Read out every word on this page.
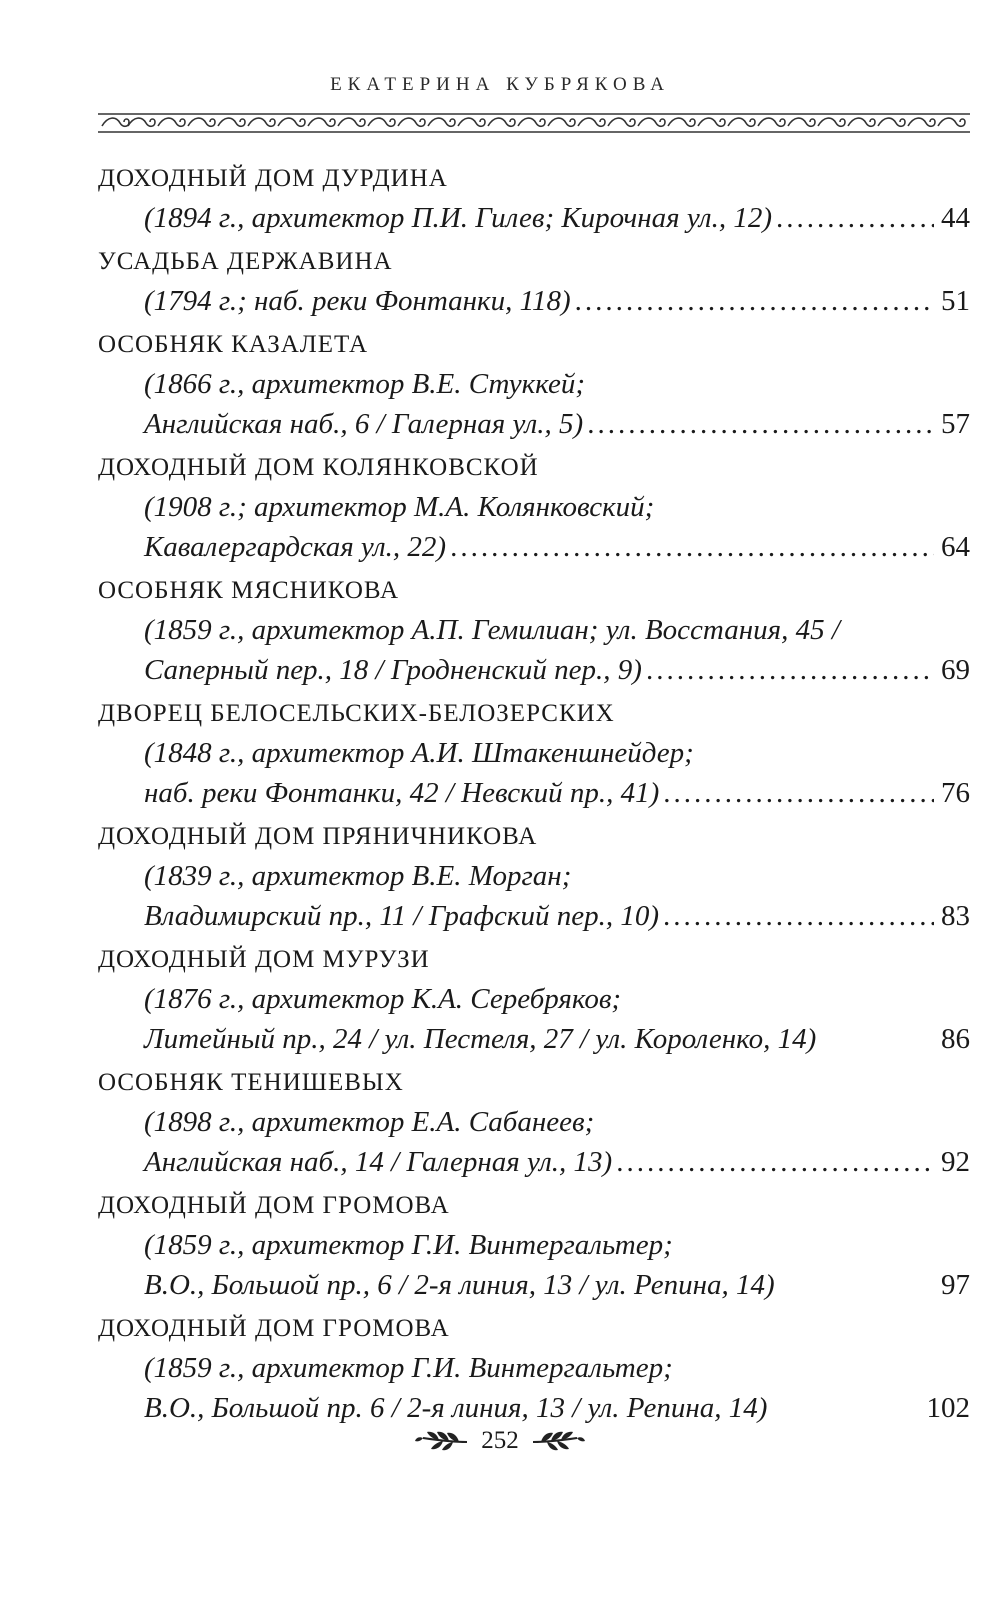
ЕКАТЕРИНА КУБРЯКОВА
ДОХОДНЫЙ ДОМ ДУРДИНА
(1894 г., архитектор П.И. Гилев; Кирочная ул., 12) .....	44
УСАДЬБА ДЕРЖАВИНА
(1794 г.; наб. реки Фонтанки, 118) .....	51
ОСОБНЯК КАЗАЛЕТА
(1866 г., архитектор В.Е. Стуккей;
Английская наб., 6 / Галерная ул., 5) .....	57
ДОХОДНЫЙ ДОМ КОЛЯНКОВСКОЙ
(1908 г.; архитектор М.А. Колянковский;
Кавалергардская ул., 22) .....	64
ОСОБНЯК МЯСНИКОВА
(1859 г., архитектор А.П. Гемилиан; ул. Восстания, 45 /
Саперный пер., 18 / Гродненский пер., 9) .....	69
ДВОРЕЦ БЕЛОСЕЛЬСКИХ-БЕЛОЗЕРСКИХ
(1848 г., архитектор А.И. Штакеншнейдер;
наб. реки Фонтанки, 42 / Невский пр., 41) .....	76
ДОХОДНЫЙ ДОМ ПРЯНИЧНИКОВА
(1839 г., архитектор В.Е. Морган;
Владимирский пр., 11 / Графский пер., 10) .....	83
ДОХОДНЫЙ ДОМ МУРУЗИ
(1876 г., архитектор К.А. Серебряков;
Литейный пр., 24 / ул. Пестеля, 27 / ул. Короленко, 14)	86
ОСОБНЯК ТЕНИШЕВЫХ
(1898 г., архитектор Е.А. Сабанеев;
Английская наб., 14 / Галерная ул., 13) .....	92
ДОХОДНЫЙ ДОМ ГРОМОВА
(1859 г., архитектор Г.И. Винтергальтер;
В.О., Большой пр., 6 / 2-я линия, 13 / ул. Репина, 14)	97
ДОХОДНЫЙ ДОМ ГРОМОВА
(1859 г., архитектор Г.И. Винтергальтер;
В.О., Большой пр. 6 / 2-я линия, 13 / ул. Репина, 14)	102
252
